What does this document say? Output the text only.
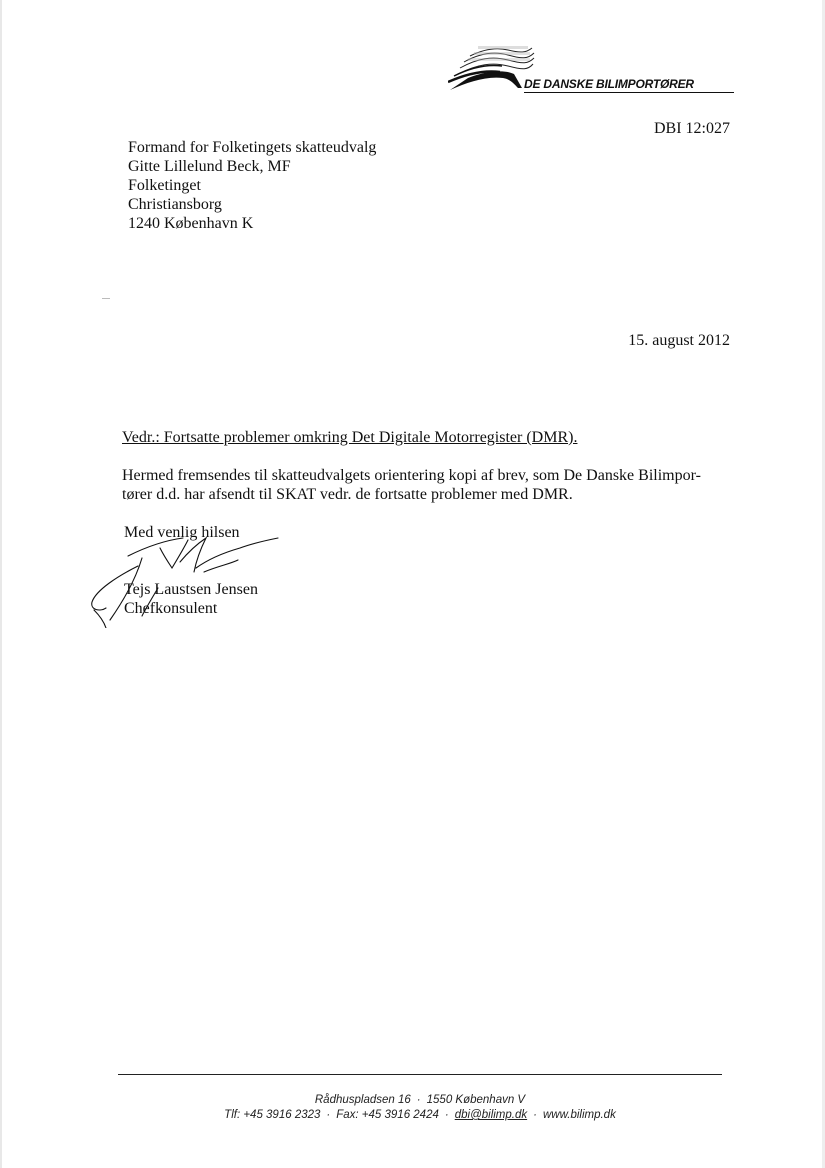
DE DANSKE BILIMPORTØRER
DBI 12:027
Formand for Folketingets skatteudvalg
Gitte Lillelund Beck, MF
Folketinget
Christiansborg
1240 København K
15. august 2012
Vedr.: Fortsatte problemer omkring Det Digitale Motorregister (DMR).
Hermed fremsendes til skatteudvalgets orientering kopi af brev, som De Danske Bilimpor-
tører d.d. har afsendt til SKAT vedr. de fortsatte problemer med DMR.
Med venlig hilsen
Tejs Laustsen Jensen
Chefkonsulent
Rådhuspladsen 16 · 1550 København V
Tlf: +45 3916 2323 · Fax: +45 3916 2424 · dbi@bilimp.dk · www.bilimp.dk
